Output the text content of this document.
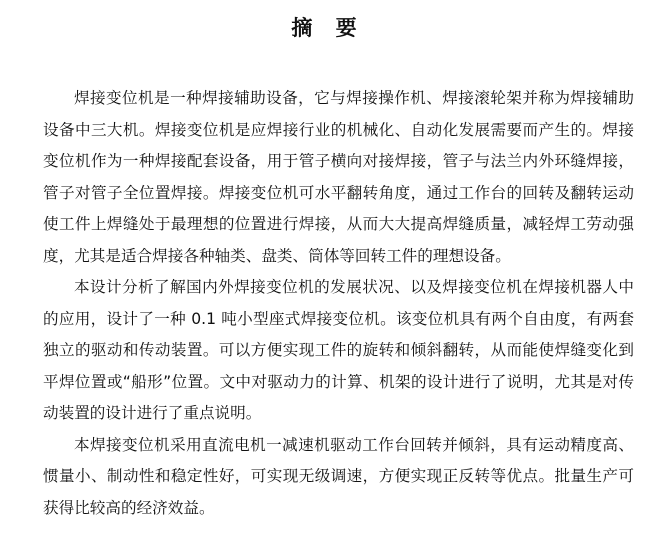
摘 要

焊接变位机是一种焊接辅助设备，它与焊接操作机、焊接滚轮架并称为焊接辅助设备中三大机。焊接变位机是应焊接行业的机械化、自动化发展需要而产生的。焊接变位机作为一种焊接配套设备，用于管子横向对接焊接，管子与法兰内外环缝焊接，管子对管子全位置焊接。焊接变位机可水平翻转角度，通过工作台的回转及翻转运动使工件上焊缝处于最理想的位置进行焊接，从而大大提高焊缝质量，减轻焊工劳动强度，尤其是适合焊接各种轴类、盘类、筒体等回转工件的理想设备。

本设计分析了解国内外焊接变位机的发展状况、以及焊接变位机在焊接机器人中的应用，设计了一种 0.1 吨小型座式焊接变位机。该变位机具有两个自由度，有两套独立的驱动和传动装置。可以方便实现工件的旋转和倾斜翻转，从而能使焊缝变化到平焊位置或“船形”位置。文中对驱动力的计算、机架的设计进行了说明，尤其是对传动装置的设计进行了重点说明。

本焊接变位机采用直流电机一减速机驱动工作台回转并倾斜，具有运动精度高、惯量小、制动性和稳定性好，可实现无级调速，方便实现正反转等优点。批量生产可获得比较高的经济效益。
